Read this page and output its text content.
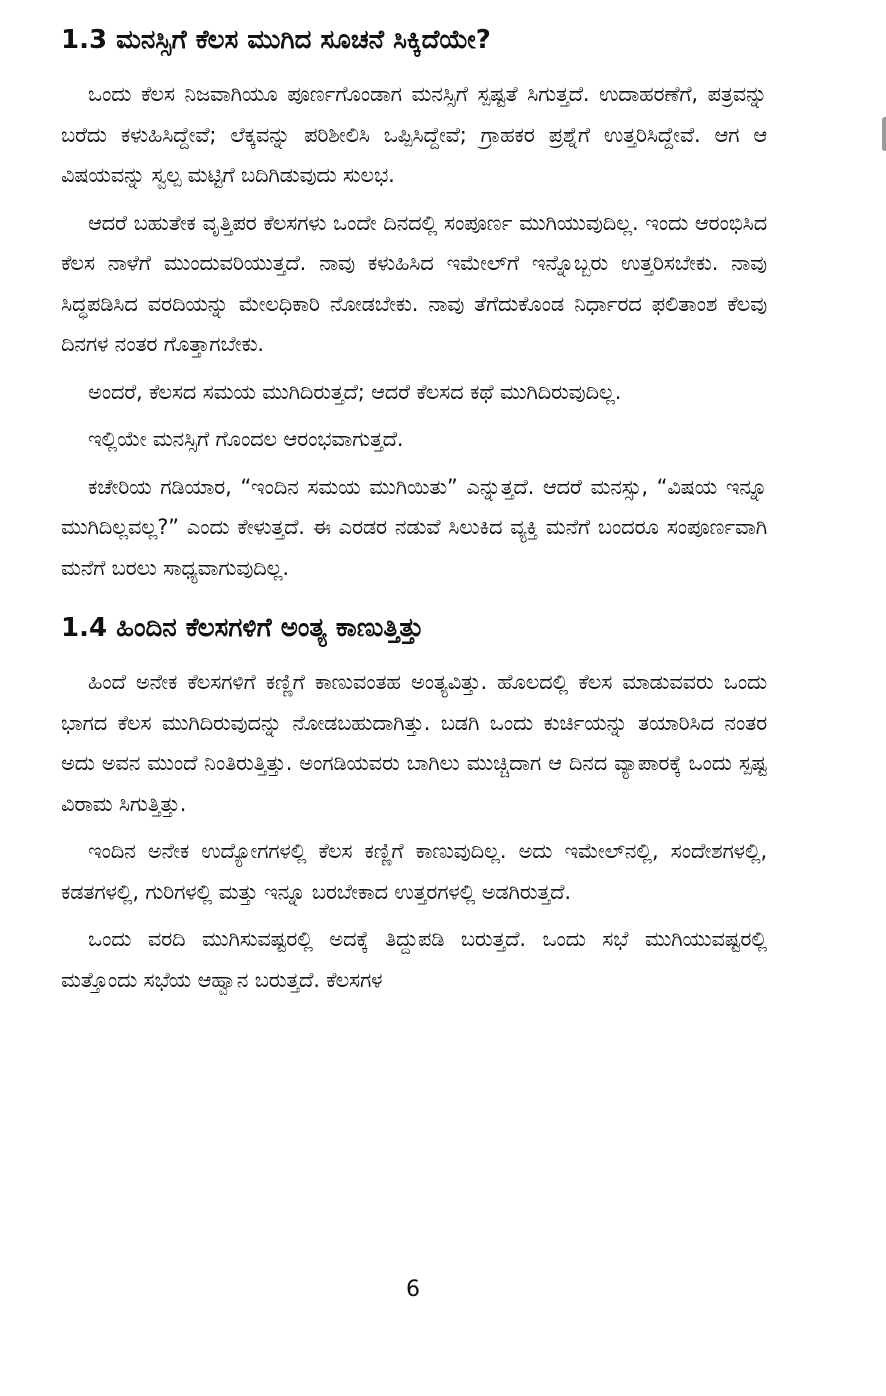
1.3 ಮನಸ್ಸಿಗೆ ಕೆಲಸ ಮುಗಿದ ಸೂಚನೆ ಸಿಕ್ಕಿದೆಯೇ?

ಒಂದು ಕೆಲಸ ನಿಜವಾಗಿಯೂ ಪೂರ್ಣಗೊಂಡಾಗ ಮನಸ್ಸಿಗೆ ಸ್ಪಷ್ಟತೆ ಸಿಗುತ್ತದೆ. ಉದಾಹರಣೆಗೆ, ಪತ್ರವನ್ನು ಬರೆದು ಕಳುಹಿಸಿದ್ದೇವೆ; ಲೆಕ್ಕವನ್ನು ಪರಿಶೀಲಿಸಿ ಒಪ್ಪಿಸಿದ್ದೇವೆ; ಗ್ರಾಹಕರ ಪ್ರಶ್ನೆಗೆ ಉತ್ತರಿಸಿದ್ದೇವೆ. ಆಗ ಆ ವಿಷಯವನ್ನು ಸ್ವಲ್ಪ ಮಟ್ಟಿಗೆ ಬದಿಗಿಡುವುದು ಸುಲಭ.

ಆದರೆ ಬಹುತೇಕ ವೃತ್ತಿಪರ ಕೆಲಸಗಳು ಒಂದೇ ದಿನದಲ್ಲಿ ಸಂಪೂರ್ಣ ಮುಗಿಯುವುದಿಲ್ಲ. ಇಂದು ಆರಂಭಿಸಿದ ಕೆಲಸ ನಾಳೆಗೆ ಮುಂದುವರಿಯುತ್ತದೆ. ನಾವು ಕಳುಹಿಸಿದ ಇಮೇಲ್‌ಗೆ ಇನ್ನೊಬ್ಬರು ಉತ್ತರಿಸಬೇಕು. ನಾವು ಸಿದ್ಧಪಡಿಸಿದ ವರದಿಯನ್ನು ಮೇಲಧಿಕಾರಿ ನೋಡಬೇಕು. ನಾವು ತೆಗೆದುಕೊಂಡ ನಿರ್ಧಾರದ ಫಲಿತಾಂಶ ಕೆಲವು ದಿನಗಳ ನಂತರ ಗೊತ್ತಾಗಬೇಕು.

ಅಂದರೆ, ಕೆಲಸದ ಸಮಯ ಮುಗಿದಿರುತ್ತದೆ; ಆದರೆ ಕೆಲಸದ ಕಥೆ ಮುಗಿದಿರುವುದಿಲ್ಲ.

ಇಲ್ಲಿಯೇ ಮನಸ್ಸಿಗೆ ಗೊಂದಲ ಆರಂಭವಾಗುತ್ತದೆ.

ಕಚೇರಿಯ ಗಡಿಯಾರ, “ಇಂದಿನ ಸಮಯ ಮುಗಿಯಿತು” ಎನ್ನುತ್ತದೆ. ಆದರೆ ಮನಸ್ಸು, “ವಿಷಯ ಇನ್ನೂ ಮುಗಿದಿಲ್ಲವಲ್ಲ?” ಎಂದು ಕೇಳುತ್ತದೆ. ಈ ಎರಡರ ನಡುವೆ ಸಿಲುಕಿದ ವ್ಯಕ್ತಿ ಮನೆಗೆ ಬಂದರೂ ಸಂಪೂರ್ಣವಾಗಿ ಮನೆಗೆ ಬರಲು ಸಾಧ್ಯವಾಗುವುದಿಲ್ಲ.

1.4 ಹಿಂದಿನ ಕೆಲಸಗಳಿಗೆ ಅಂತ್ಯ ಕಾಣುತ್ತಿತ್ತು

ಹಿಂದೆ ಅನೇಕ ಕೆಲಸಗಳಿಗೆ ಕಣ್ಣಿಗೆ ಕಾಣುವಂತಹ ಅಂತ್ಯವಿತ್ತು. ಹೊಲದಲ್ಲಿ ಕೆಲಸ ಮಾಡುವವರು ಒಂದು ಭಾಗದ ಕೆಲಸ ಮುಗಿದಿರುವುದನ್ನು ನೋಡಬಹುದಾಗಿತ್ತು. ಬಡಗಿ ಒಂದು ಕುರ್ಚಿಯನ್ನು ತಯಾರಿಸಿದ ನಂತರ ಅದು ಅವನ ಮುಂದೆ ನಿಂತಿರುತ್ತಿತ್ತು. ಅಂಗಡಿಯವರು ಬಾಗಿಲು ಮುಚ್ಚಿದಾಗ ಆ ದಿನದ ವ್ಯಾಪಾರಕ್ಕೆ ಒಂದು ಸ್ಪಷ್ಟ ವಿರಾಮ ಸಿಗುತ್ತಿತ್ತು.

ಇಂದಿನ ಅನೇಕ ಉದ್ಯೋಗಗಳಲ್ಲಿ ಕೆಲಸ ಕಣ್ಣಿಗೆ ಕಾಣುವುದಿಲ್ಲ. ಅದು ಇಮೇಲ್‌ನಲ್ಲಿ, ಸಂದೇಶಗಳಲ್ಲಿ, ಕಡತಗಳಲ್ಲಿ, ಗುರಿಗಳಲ್ಲಿ ಮತ್ತು ಇನ್ನೂ ಬರಬೇಕಾದ ಉತ್ತರಗಳಲ್ಲಿ ಅಡಗಿರುತ್ತದೆ.

ಒಂದು ವರದಿ ಮುಗಿಸುವಷ್ಟರಲ್ಲಿ ಅದಕ್ಕೆ ತಿದ್ದುಪಡಿ ಬರುತ್ತದೆ. ಒಂದು ಸಭೆ ಮುಗಿಯುವಷ್ಟರಲ್ಲಿ ಮತ್ತೊಂದು ಸಭೆಯ ಆಹ್ವಾನ ಬರುತ್ತದೆ. ಕೆಲಸಗಳ

6
